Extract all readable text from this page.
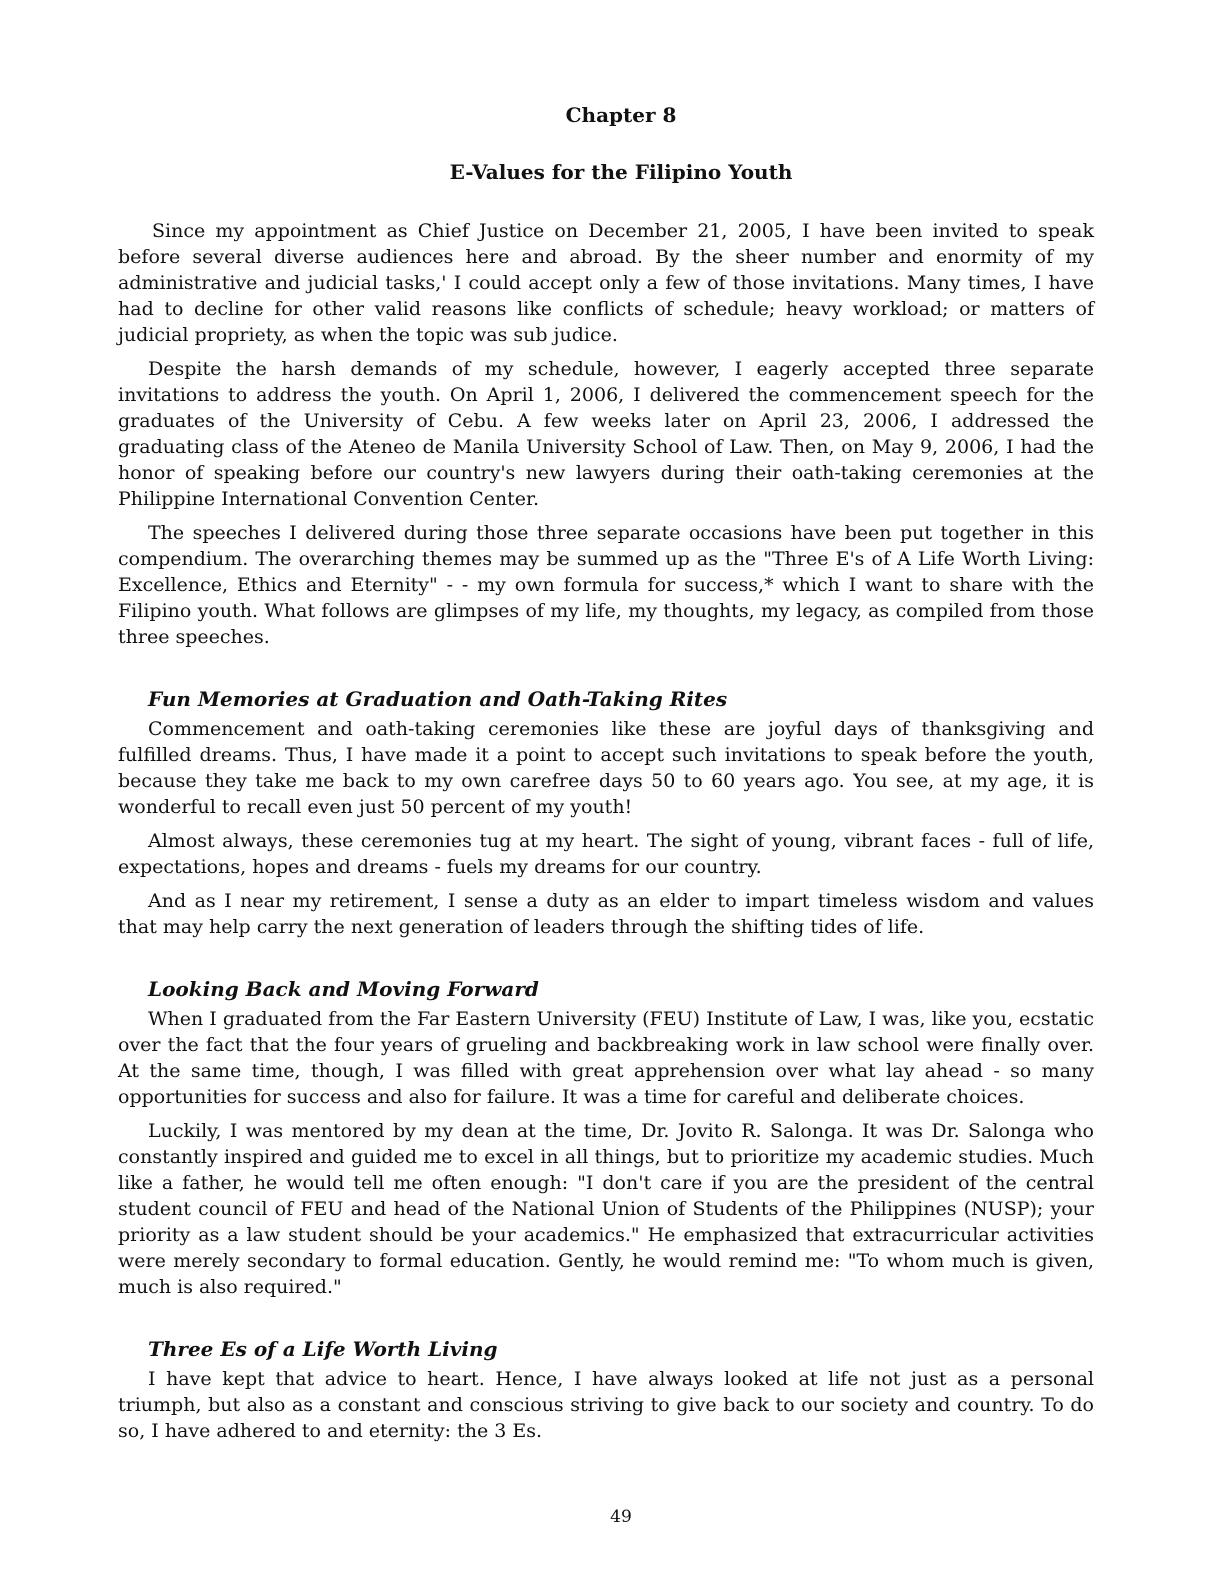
Chapter 8
E-Values for the Filipino Youth

Since my appointment as Chief Justice on December 21, 2005, I have been invited to speak before several diverse audiences here and abroad. By the sheer number and enormity of my administrative and judicial tasks,' I could accept only a few of those invitations. Many times, I have had to decline for other valid reasons like conflicts of schedule; heavy workload; or matters of judicial propriety, as when the topic was sub judice.

Despite the harsh demands of my schedule, however, I eagerly accepted three separate invitations to address the youth. On April 1, 2006, I delivered the commencement speech for the graduates of the University of Cebu. A few weeks later on April 23, 2006, I addressed the graduating class of the Ateneo de Manila University School of Law. Then, on May 9, 2006, I had the honor of speaking before our country's new lawyers during their oath-taking ceremonies at the Philippine International Convention Center.

The speeches I delivered during those three separate occasions have been put together in this compendium. The overarching themes may be summed up as the "Three E's of A Life Worth Living: Excellence, Ethics and Eternity" - - my own formula for success,* which I want to share with the Filipino youth. What follows are glimpses of my life, my thoughts, my legacy, as compiled from those three speeches.

Fun Memories at Graduation and Oath-Taking Rites

Commencement and oath-taking ceremonies like these are joyful days of thanksgiving and fulfilled dreams. Thus, I have made it a point to accept such invitations to speak before the youth, because they take me back to my own carefree days 50 to 60 years ago. You see, at my age, it is wonderful to recall even just 50 percent of my youth!

Almost always, these ceremonies tug at my heart. The sight of young, vibrant faces - full of life, expectations, hopes and dreams - fuels my dreams for our country.

And as I near my retirement, I sense a duty as an elder to impart timeless wisdom and values that may help carry the next generation of leaders through the shifting tides of life.

Looking Back and Moving Forward

When I graduated from the Far Eastern University (FEU) Institute of Law, I was, like you, ecstatic over the fact that the four years of grueling and backbreaking work in law school were finally over. At the same time, though, I was filled with great apprehension over what lay ahead - so many opportunities for success and also for failure. It was a time for careful and deliberate choices.

Luckily, I was mentored by my dean at the time, Dr. Jovito R. Salonga. It was Dr. Salonga who constantly inspired and guided me to excel in all things, but to prioritize my academic studies. Much like a father, he would tell me often enough: "I don't care if you are the president of the central student council of FEU and head of the National Union of Students of the Philippines (NUSP); your priority as a law student should be your academics." He emphasized that extracurricular activities were merely secondary to formal education. Gently, he would remind me: "To whom much is given, much is also required."

Three Es of a Life Worth Living

I have kept that advice to heart. Hence, I have always looked at life not just as a personal triumph, but also as a constant and conscious striving to give back to our society and country. To do so, I have adhered to and eternity: the 3 Es.

49
